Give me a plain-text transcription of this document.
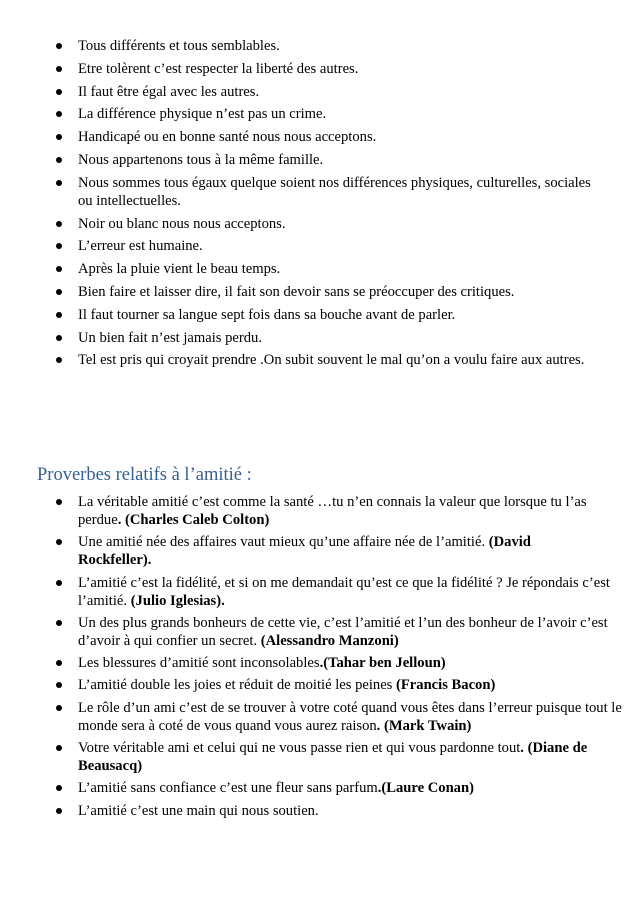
Tous différents et tous semblables.
Etre tolèrent c’est respecter la liberté des autres.
Il faut être égal avec les autres.
La différence physique n’est pas un crime.
Handicapé ou en bonne santé nous nous acceptons.
Nous appartenons tous à la même famille.
Nous sommes tous égaux quelque soient nos différences physiques, culturelles, sociales ou intellectuelles.
Noir ou blanc nous nous acceptons.
L’erreur est humaine.
Après la pluie vient le beau temps.
Bien faire et laisser dire, il fait son devoir sans se préoccuper des critiques.
Il faut tourner sa langue sept fois dans sa bouche avant de parler.
Un bien fait n’est jamais perdu.
Tel est pris qui croyait prendre .On subit souvent le mal qu’on a voulu faire aux autres.
Proverbes relatifs à l’amitié :
La véritable amitié c’est comme la santé …tu n’en connais la valeur que lorsque tu l’as perdue. (Charles Caleb Colton)
Une amitié née des affaires vaut mieux qu’une affaire née de l’amitié. (David Rockfeller).
L’amitié c’est la fidélité, et si on me demandait qu’est ce que la fidélité ? Je répondais c’est l’amitié. (Julio Iglesias).
Un des plus grands bonheurs de cette vie, c’est l’amitié et l’un des bonheur de l’avoir c’est d’avoir à qui confier un secret. (Alessandro Manzoni)
Les blessures d’amitié sont inconsolables.(Tahar ben Jelloun)
L’amitié double les joies et réduit de moitié les peines (Francis Bacon)
Le rôle d’un ami c’est de se trouver à votre coté quand vous êtes dans l’erreur puisque tout le monde sera à coté de vous quand vous aurez raison. (Mark Twain)
Votre véritable ami et celui qui ne vous passe rien et qui vous pardonne tout. (Diane de Beausacq)
L’amitié sans confiance c’est une fleur sans parfum.(Laure Conan)
L’amitié c’est une main qui nous soutien.
